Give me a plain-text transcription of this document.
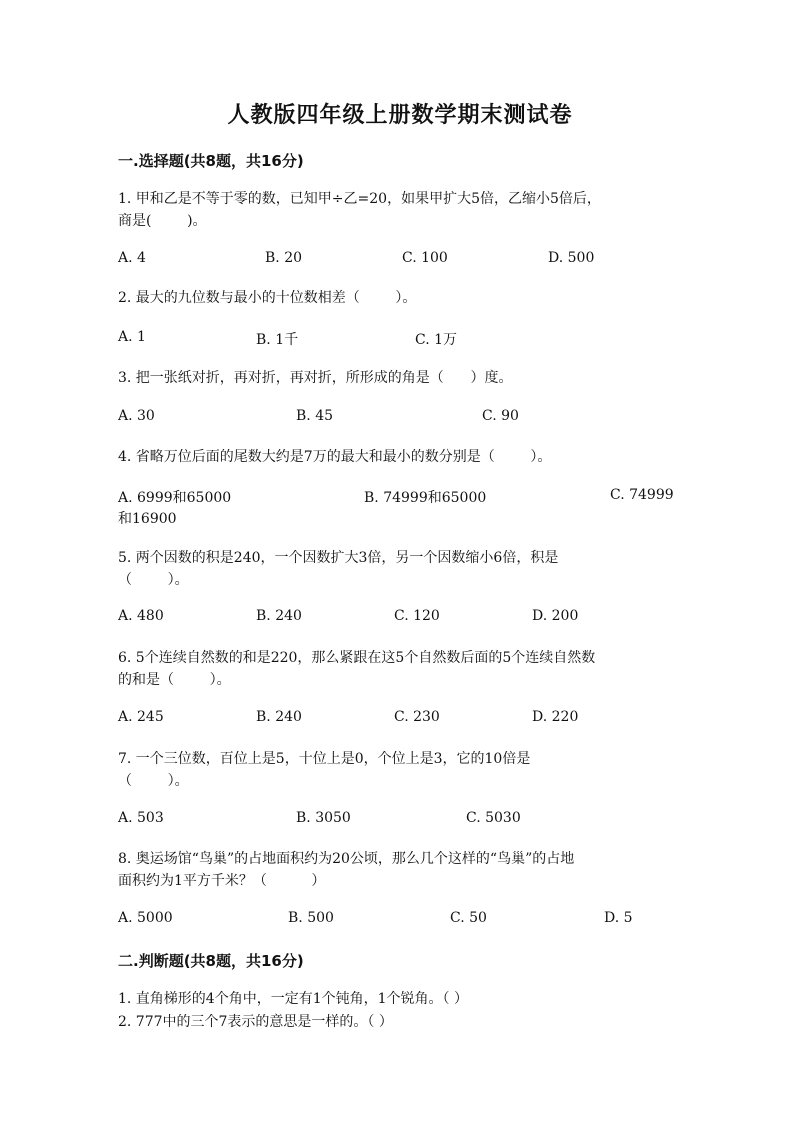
人教版四年级上册数学期末测试卷
一.选择题(共8题，共16分)
1. 甲和乙是不等于零的数，已知甲÷乙=20，如果甲扩大5倍，乙缩小5倍后，
商是(        )。
A. 4	B. 20	C. 100	D. 500
2. 最大的九位数与最小的十位数相差（        ）。
A. 1	B. 1千	C. 1万
3. 把一张纸对折，再对折，再对折，所形成的角是（      ）度。
A. 30	B. 45	C. 90
4. 省略万位后面的尾数大约是7万的最大和最小的数分别是（        ）。
A. 6999和65000	B. 74999和65000	C. 74999
和16900
5. 两个因数的积是240，一个因数扩大3倍，另一个因数缩小6倍，积是
（        ）。
A. 480	B. 240	C. 120	D. 200
6. 5个连续自然数的和是220，那么紧跟在这5个自然数后面的5个连续自然数
的和是（        ）。
A. 245	B. 240	C. 230	D. 220
7. 一个三位数，百位上是5，十位上是0，个位上是3，它的10倍是
（        ）。
A. 503	B. 3050	C. 5030
8. 奥运场馆“鸟巢”的占地面积约为20公顷，那么几个这样的“鸟巢”的占地
面积约为1平方千米？（          ）
A. 5000	B. 500	C. 50	D. 5
二.判断题(共8题，共16分)
1. 直角梯形的4个角中，一定有1个钝角，1个锐角。（ ）
2. 777中的三个7表示的意思是一样的。（ ）
